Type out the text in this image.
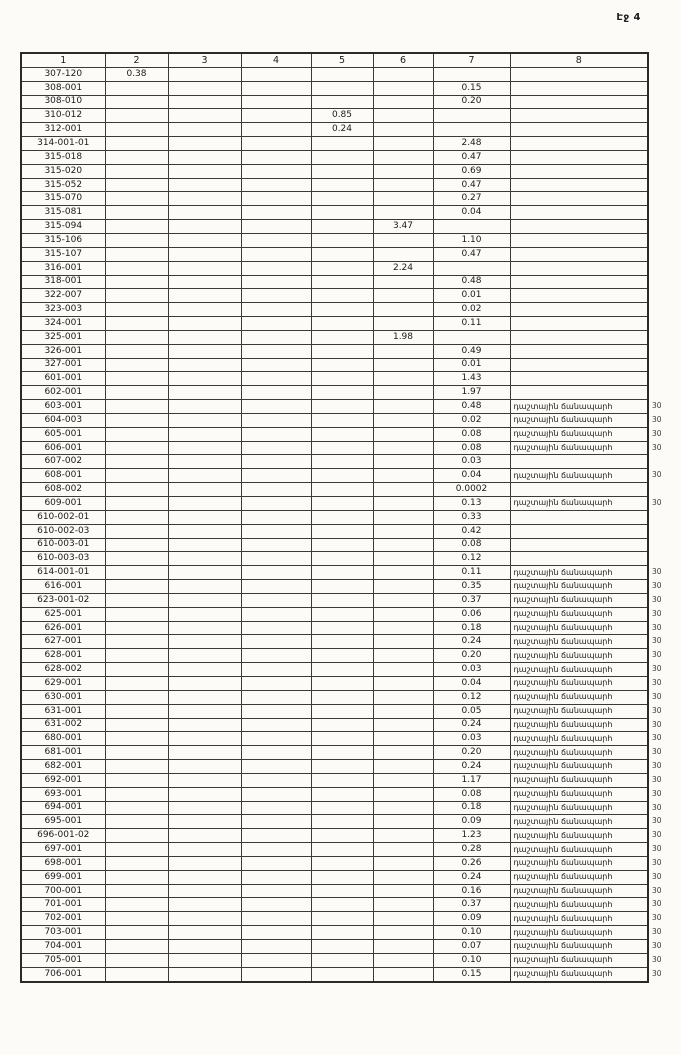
Էջ 4
1	2	3	4	5	6	7	8
307-120	0.38						
308-001						0.15	
308-010						0.20	
310-012				0.85			
312-001				0.24			
314-001-01						2.48	
315-018						0.47	
315-020						0.69	
315-052						0.47	
315-070						0.27	
315-081						0.04	
315-094					3.47		
315-106						1.10	
315-107						0.47	
316-001					2.24		
318-001						0.48	
322-007						0.01	
323-003						0.02	
324-001						0.11	
325-001					1.98		
326-001						0.49	
327-001						0.01	
601-001						1.43	
602-001						1.97	
603-001						0.48	դաշտային ճանապարհ 30

604-003						0.02	դաշտային ճանապարհ 30

605-001						0.08	դաշտային ճանապարհ 30

606-001						0.08	դաշտային ճանապարհ 30

607-002						0.03	
608-001						0.04	դաշտային ճանապարհ 30

608-002						0.0002	
609-001						0.13	դաշտային ճանապարհ 30

610-002-01						0.33	
610-002-03						0.42	
610-003-01						0.08	
610-003-03						0.12	
614-001-01						0.11	դաշտային ճանապարհ 30

616-001						0.35	դաշտային ճանապարհ 30

623-001-02						0.37	դաշտային ճանապարհ 30

625-001						0.06	դաշտային ճանապարհ 30

626-001						0.18	դաշտային ճանապարհ 30

627-001						0.24	դաշտային ճանապարհ 30

628-001						0.20	դաշտային ճանապարհ 30

628-002						0.03	դաշտային ճանապարհ 30

629-001						0.04	դաշտային ճանապարհ 30

630-001						0.12	դաշտային ճանապարհ 30

631-001						0.05	դաշտային ճանապարհ 30

631-002						0.24	դաշտային ճանապարհ 30

680-001						0.03	դաշտային ճանապարհ 30

681-001						0.20	դաշտային ճանապարհ 30

682-001						0.24	դաշտային ճանապարհ 30

692-001						1.17	դաշտային ճանապարհ 30

693-001						0.08	դաշտային ճանապարհ 30

694-001						0.18	դաշտային ճանապարհ 30

695-001						0.09	դաշտային ճանապարհ 30

696-001-02						1.23	դաշտային ճանապարհ 30

697-001						0.28	դաշտային ճանապարհ 30

698-001						0.26	դաշտային ճանապարհ 30

699-001						0.24	դաշտային ճանապարհ 30

700-001						0.16	դաշտային ճանապարհ 30

701-001						0.37	դաշտային ճանապարհ 30

702-001						0.09	դաշտային ճանապարհ 30

703-001						0.10	դաշտային ճանապարհ 30

704-001						0.07	դաշտային ճանապարհ 30

705-001						0.10	դաշտային ճանապարհ 30

706-001						0.15	դաշտային ճանապարհ 30
